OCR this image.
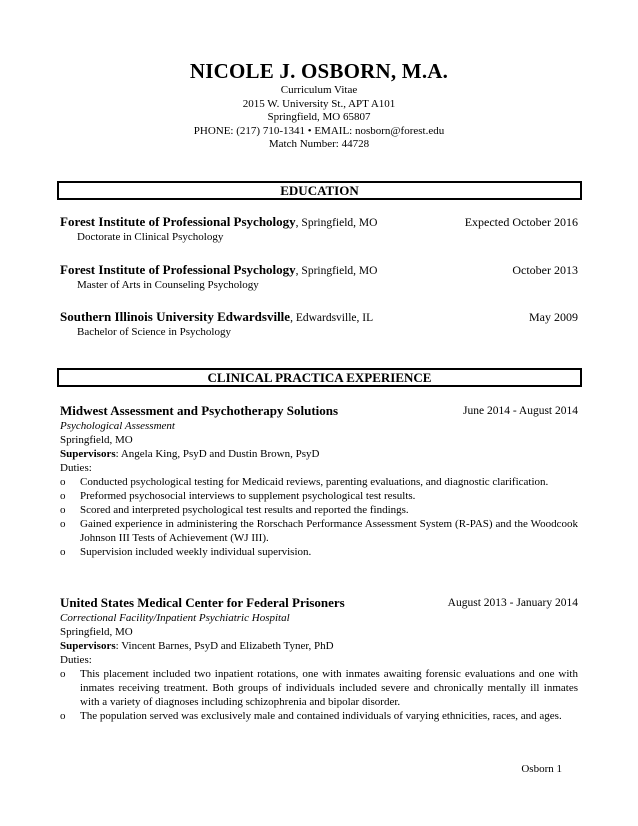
NICOLE J. OSBORN, M.A.
Curriculum Vitae
2015 W. University St., APT A101
Springfield, MO 65807
PHONE: (217) 710-1341 • EMAIL: nosborn@forest.edu
Match Number: 44728
EDUCATION
Forest Institute of Professional Psychology, Springfield, MO	Expected October 2016
Doctorate in Clinical Psychology
Forest Institute of Professional Psychology, Springfield, MO	October 2013
Master of Arts in Counseling Psychology
Southern Illinois University Edwardsville, Edwardsville, IL	May 2009
Bachelor of Science in Psychology
CLINICAL PRACTICA EXPERIENCE
Midwest Assessment and Psychotherapy Solutions	June 2014 - August 2014
Psychological Assessment
Springfield, MO
Supervisors: Angela King, PsyD and Dustin Brown, PsyD
Duties:
o	Conducted psychological testing for Medicaid reviews, parenting evaluations, and diagnostic clarification.
o	Preformed psychosocial interviews to supplement psychological test results.
o	Scored and interpreted psychological test results and reported the findings.
o	Gained experience in administering the Rorschach Performance Assessment System (R-PAS) and the Woodcook Johnson III Tests of Achievement (WJ III).
o	Supervision included weekly individual supervision.
United States Medical Center for Federal Prisoners	August 2013 - January 2014
Correctional Facility/Inpatient Psychiatric Hospital
Springfield, MO
Supervisors: Vincent Barnes, PsyD and Elizabeth Tyner, PhD
Duties:
o	This placement included two inpatient rotations, one with inmates awaiting forensic evaluations and one with inmates receiving treatment. Both groups of individuals included severe and chronically mentally ill inmates with a variety of diagnoses including schizophrenia and bipolar disorder.
o	The population served was exclusively male and contained individuals of varying ethnicities, races, and ages.
Osborn 1
